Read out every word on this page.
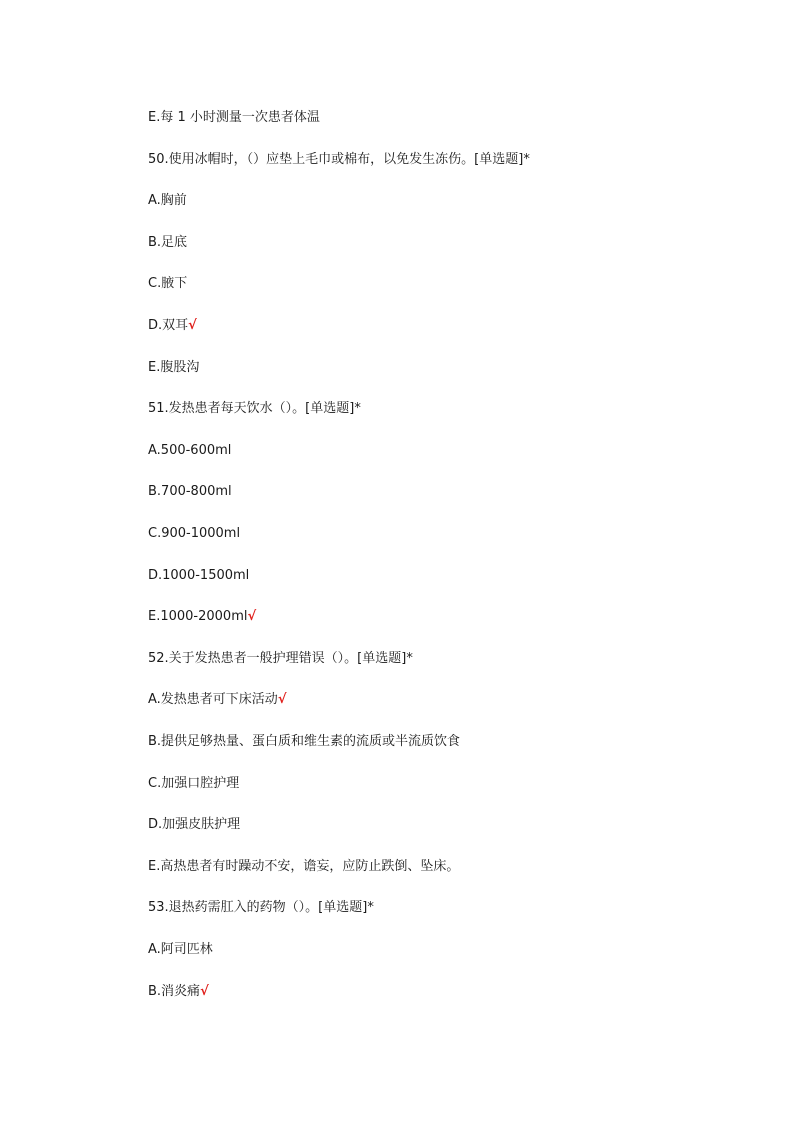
E.每 1 小时测量一次患者体温
50.使用冰帽时，（）应垫上毛巾或棉布，以免发生冻伤。[单选题]*
A.胸前
B.足底
C.腋下
D.双耳√
E.腹股沟
51.发热患者每天饮水（）。[单选题]*
A.500-600ml
B.700-800ml
C.900-1000ml
D.1000-1500ml
E.1000-2000ml√
52.关于发热患者一般护理错误（）。[单选题]*
A.发热患者可下床活动√
B.提供足够热量、蛋白质和维生素的流质或半流质饮食
C.加强口腔护理
D.加强皮肤护理
E.高热患者有时躁动不安，谵妄，应防止跌倒、坠床。
53.退热药需肛入的药物（）。[单选题]*
A.阿司匹林
B.消炎痛√
